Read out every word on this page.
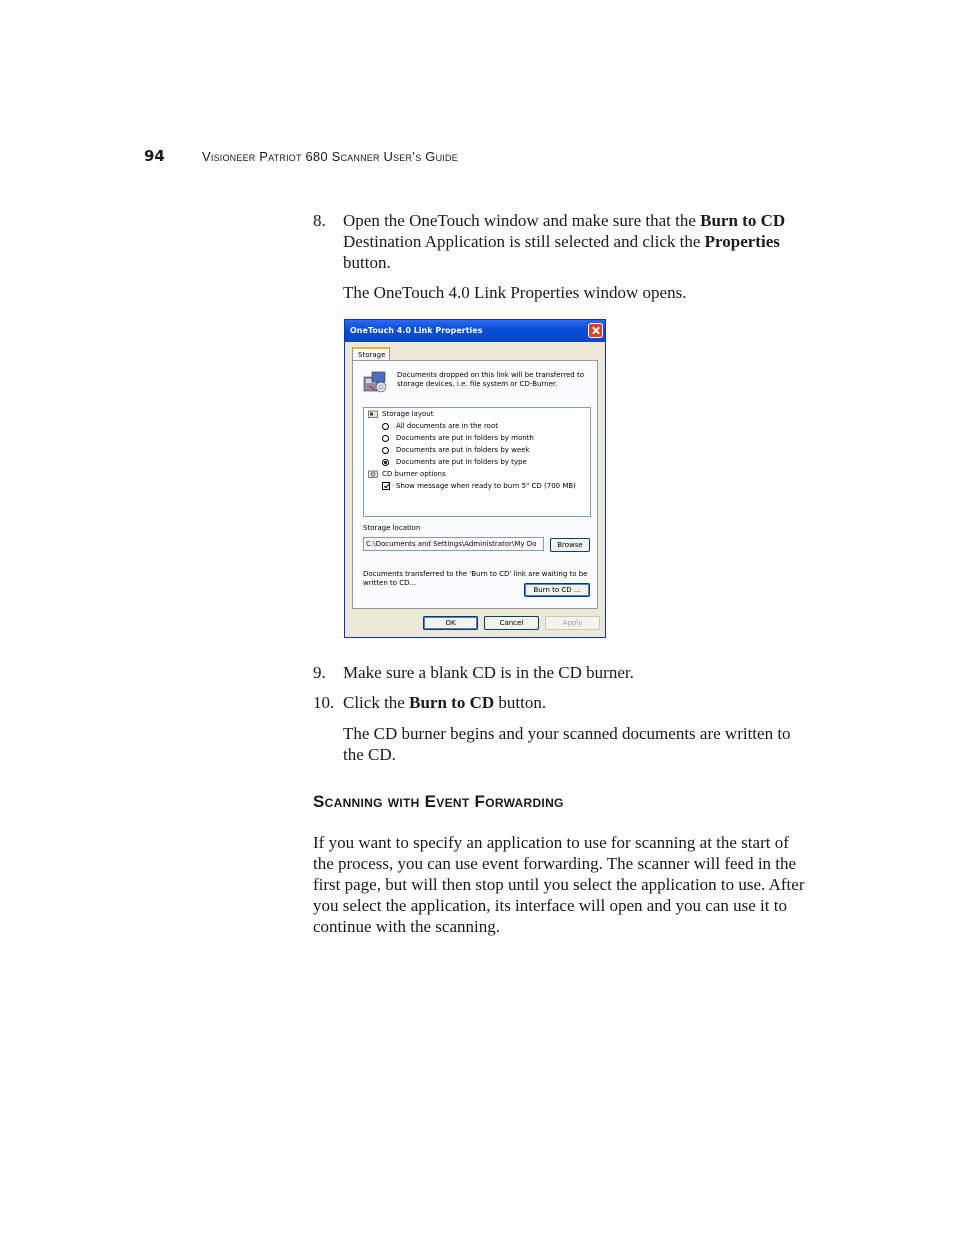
94	Visioneer Patriot 680 Scanner User’s Guide
8. Open the OneTouch window and make sure that the Burn to CD Destination Application is still selected and click the Properties button.
The OneTouch 4.0 Link Properties window opens.
OneTouch 4.0 Link Properties
Storage
Documents dropped on this link will be transferred to storage devices, i.e. file system or CD-Burner.
Storage layout
All documents are in the root
Documents are put in folders by month
Documents are put in folders by week
Documents are put in folders by type
CD burner options
Show message when ready to burn 5" CD (700 MB)
Storage location
C:\Documents and Settings\Administrator\My Do	Browse
Documents transferred to the 'Burn to CD' link are waiting to be written to CD...
Burn to CD ...
OK	Cancel	Apply
9. Make sure a blank CD is in the CD burner.
10. Click the Burn to CD button.
The CD burner begins and your scanned documents are written to the CD.
Scanning with Event Forwarding
If you want to specify an application to use for scanning at the start of the process, you can use event forwarding. The scanner will feed in the first page, but will then stop until you select the application to use. After you select the application, its interface will open and you can use it to continue with the scanning.
